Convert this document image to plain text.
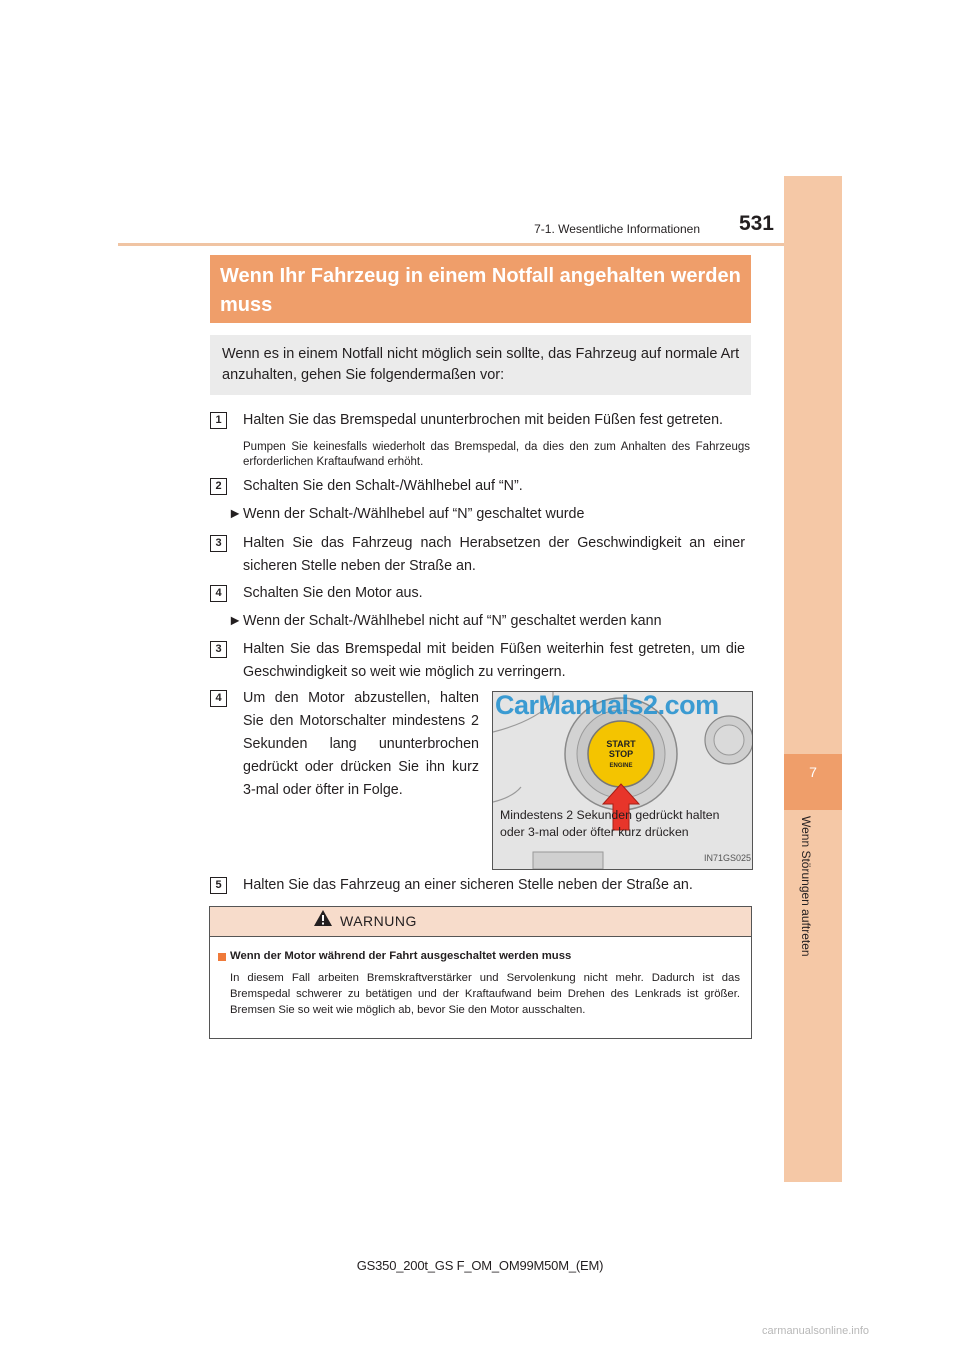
7-1. Wesentliche Informationen	531
7
Wenn Störungen auftreten
Wenn Ihr Fahrzeug in einem Notfall angehalten werden muss
Wenn es in einem Notfall nicht möglich sein sollte, das Fahrzeug auf normale Art anzuhalten, gehen Sie folgendermaßen vor:
1	Halten Sie das Bremspedal ununterbrochen mit beiden Füßen fest getreten.
Pumpen Sie keinesfalls wiederholt das Bremspedal, da dies den zum Anhalten des Fahrzeugs erforderlichen Kraftaufwand erhöht.
2	Schalten Sie den Schalt-/Wählhebel auf “N”.
► Wenn der Schalt-/Wählhebel auf “N” geschaltet wurde
3	Halten Sie das Fahrzeug nach Herabsetzen der Geschwindigkeit an einer sicheren Stelle neben der Straße an.
4	Schalten Sie den Motor aus.
► Wenn der Schalt-/Wählhebel nicht auf “N” geschaltet werden kann
3	Halten Sie das Bremspedal mit beiden Füßen weiterhin fest getreten, um die Geschwindigkeit so weit wie möglich zu verringern.
4	Um den Motor abzustellen, halten Sie den Motorschalter mindestens 2 Sekunden lang ununterbrochen gedrückt oder drücken Sie ihn kurz 3-mal oder öfter in Folge.
START
STOP
ENGINE
Mindestens 2 Sekunden gedrückt halten oder 3-mal oder öfter kurz drücken
IN71GS025
CarManuals2.com
5	Halten Sie das Fahrzeug an einer sicheren Stelle neben der Straße an.
WARNUNG
Wenn der Motor während der Fahrt ausgeschaltet werden muss
In diesem Fall arbeiten Bremskraftverstärker und Servolenkung nicht mehr. Dadurch ist das Bremspedal schwerer zu betätigen und der Kraftaufwand beim Drehen des Lenkrads ist größer. Bremsen Sie so weit wie möglich ab, bevor Sie den Motor ausschalten.
GS350_200t_GS F_OM_OM99M50M_(EM)
carmanualsonline.info
